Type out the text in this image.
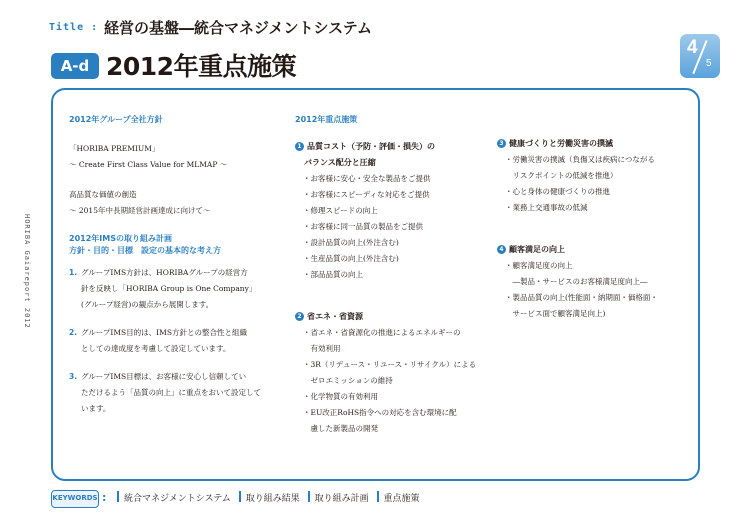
Title : 経営の基盤―統合マネジメントシステム
A-d 2012年重点施策
4
5
HORIBA Gaiareport 2012
2012年グループ全社方針
「HORIBA PREMIUM」
〜 Create First Class Value for MLMAP 〜
高品質な価値の創造
〜 2015年中長期経営計画達成に向けて〜
2012年IMSの取り組み計画
方針・目的・目標　設定の基本的な考え方
1. グループIMS方針は、HORIBAグループの経営方
針を反映し「HORIBA Group is One Company」
(グループ経営)の観点から展開します。
2. グループIMS目的は、IMS方針との整合性と組織
としての達成度を考慮して設定しています。
3. グループIMS目標は、お客様に安心し信頼してい
ただけるよう「品質の向上」に重点をおいて設定して
います。
2012年重点施策
1 品質コスト（予防・評価・損失）の
バランス配分と圧縮
・お客様に安心・安全な製品をご提供
・お客様にスピーディな対応をご提供
・修理スピードの向上
・お客様に同一品質の製品をご提供
・設計品質の向上(外注含む)
・生産品質の向上(外注含む)
・部品品質の向上
2 省エネ・省資源
・省エネ・省資源化の推進によるエネルギーの
　有効利用
・3R（リデュース・リユース・リサイクル）による
　ゼロエミッションの維持
・化学物質の有効利用
・EU改正RoHS指令への対応を含む環境に配
　慮した新製品の開発
3 健康づくりと労働災害の撲滅
・労働災害の撲滅（負傷又は疾病につながる
　リスクポイントの低減を推進）
・心と身体の健康づくりの推進
・業務上交通事故の低減
4 顧客満足の向上
・顧客満足度の向上
　―製品・サービスのお客様満足度向上―
・製品品質の向上(性能面・納期面・価格面・
　サービス面で顧客満足向上)
KEYWORDS :	統合マネジメントシステム 取り組み結果 取り組み計画 重点施策
